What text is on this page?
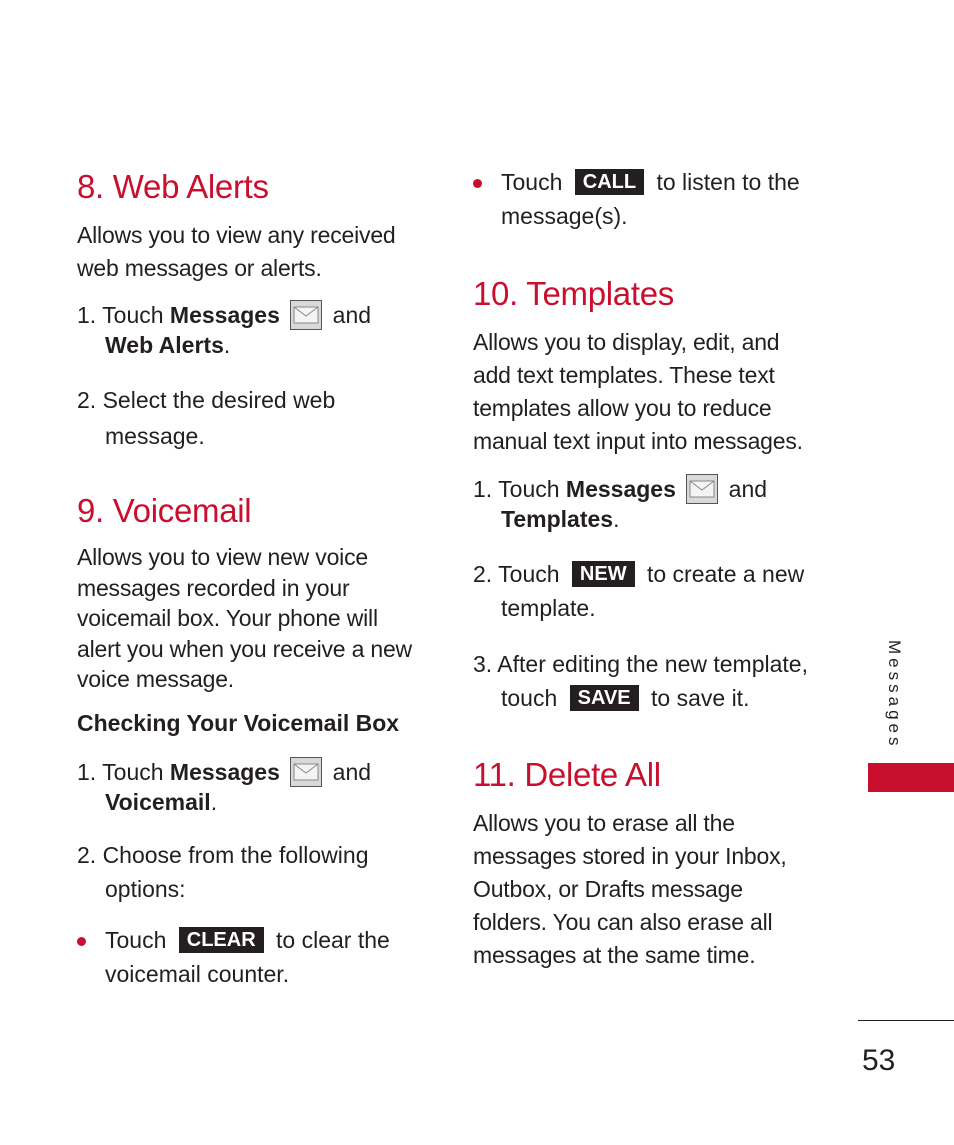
8. Web Alerts
Allows you to view any received
web messages or alerts.
1. Touch Messages and
Web Alerts.
2. Select the desired web
message.
9. Voicemail
Allows you to view new voice
messages recorded in your
voicemail box. Your phone will
alert you when you receive a new
voice message.
Checking Your Voicemail Box
1. Touch Messages and
Voicemail.
2. Choose from the following
options:
Touch CLEAR to clear the
voicemail counter.
Touch CALL to listen to the
message(s).
10. Templates
Allows you to display, edit, and
add text templates. These text
templates allow you to reduce
manual text input into messages.
1. Touch Messages and
Templates.
2. Touch NEW to create a new
template.
3. After editing the new template,
touch SAVE to save it.
11. Delete All
Allows you to erase all the
messages stored in your Inbox,
Outbox, or Drafts message
folders. You can also erase all
messages at the same time.
Messages
53
